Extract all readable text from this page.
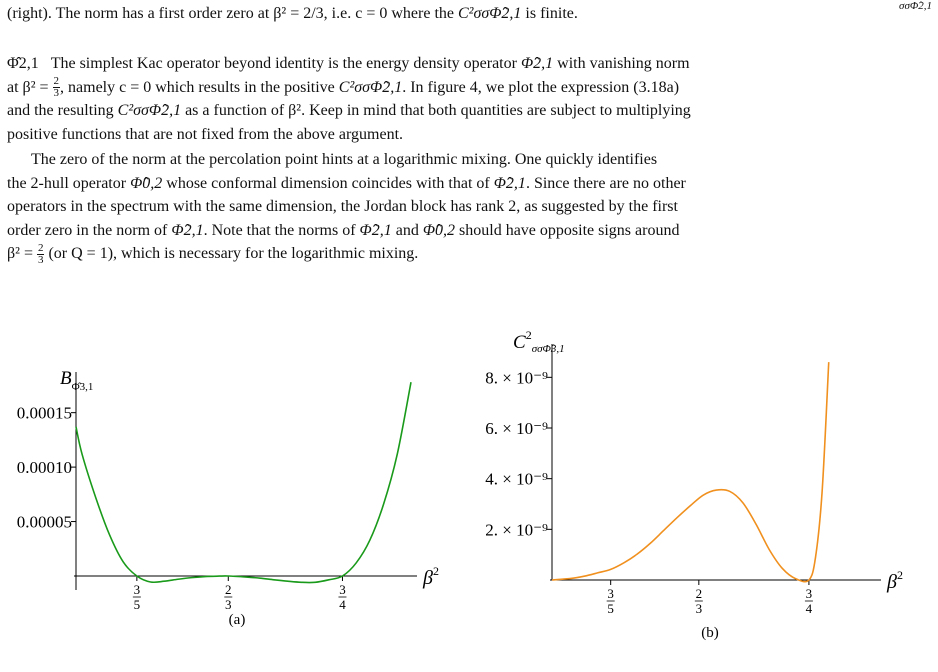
σσΦ̂2,1

(right). The norm has a first order zero at β² = 2/3, i.e. c = 0 where the C²σσΦ̂2,1 is finite.

Φ̂2,1 The simplest Kac operator beyond identity is the energy density operator Φ̂2,1 with vanishing norm
at $\beta^2 = \frac{2}{3}$ , namely c = 0 which results in the positive C²σσΦ̂2,1. In figure 4, we plot the expression (3.18a)
and the resulting C²σσΦ̂2,1 as a function of β². Keep in mind that both quantities are subject to multiplying
positive functions that are not fixed from the above argument.
The zero of the norm at the percolation point hints at a logarithmic mixing. One quickly identifies
the 2-hull operator Φ̂0,2 whose conformal dimension coincides with that of Φ̂2,1. Since there are no other
operators in the spectrum with the same dimension, the Jordan block has rank 2, as suggested by the first
order zero in the norm of Φ̂2,1. Note that the norms of Φ̂2,1 and Φ̂0,2 should have opposite signs around
$\beta^2 = \frac{2}{3} (or$ Q = 1), which is necessary for the logarithmic mixing.
0.00005
0.00010
0.00015
3
5
2
3
3
4
$\beta^2$
(a)
$B_{\Phî3,1}$
2. × 10⁻⁹
4. × 10⁻⁹
6. × 10⁻⁹
8. × 10⁻⁹
3
5
2
3
3
4
$\beta^2$
(b)
$C^2_{\sigma\sigma\Phî3,1}$
